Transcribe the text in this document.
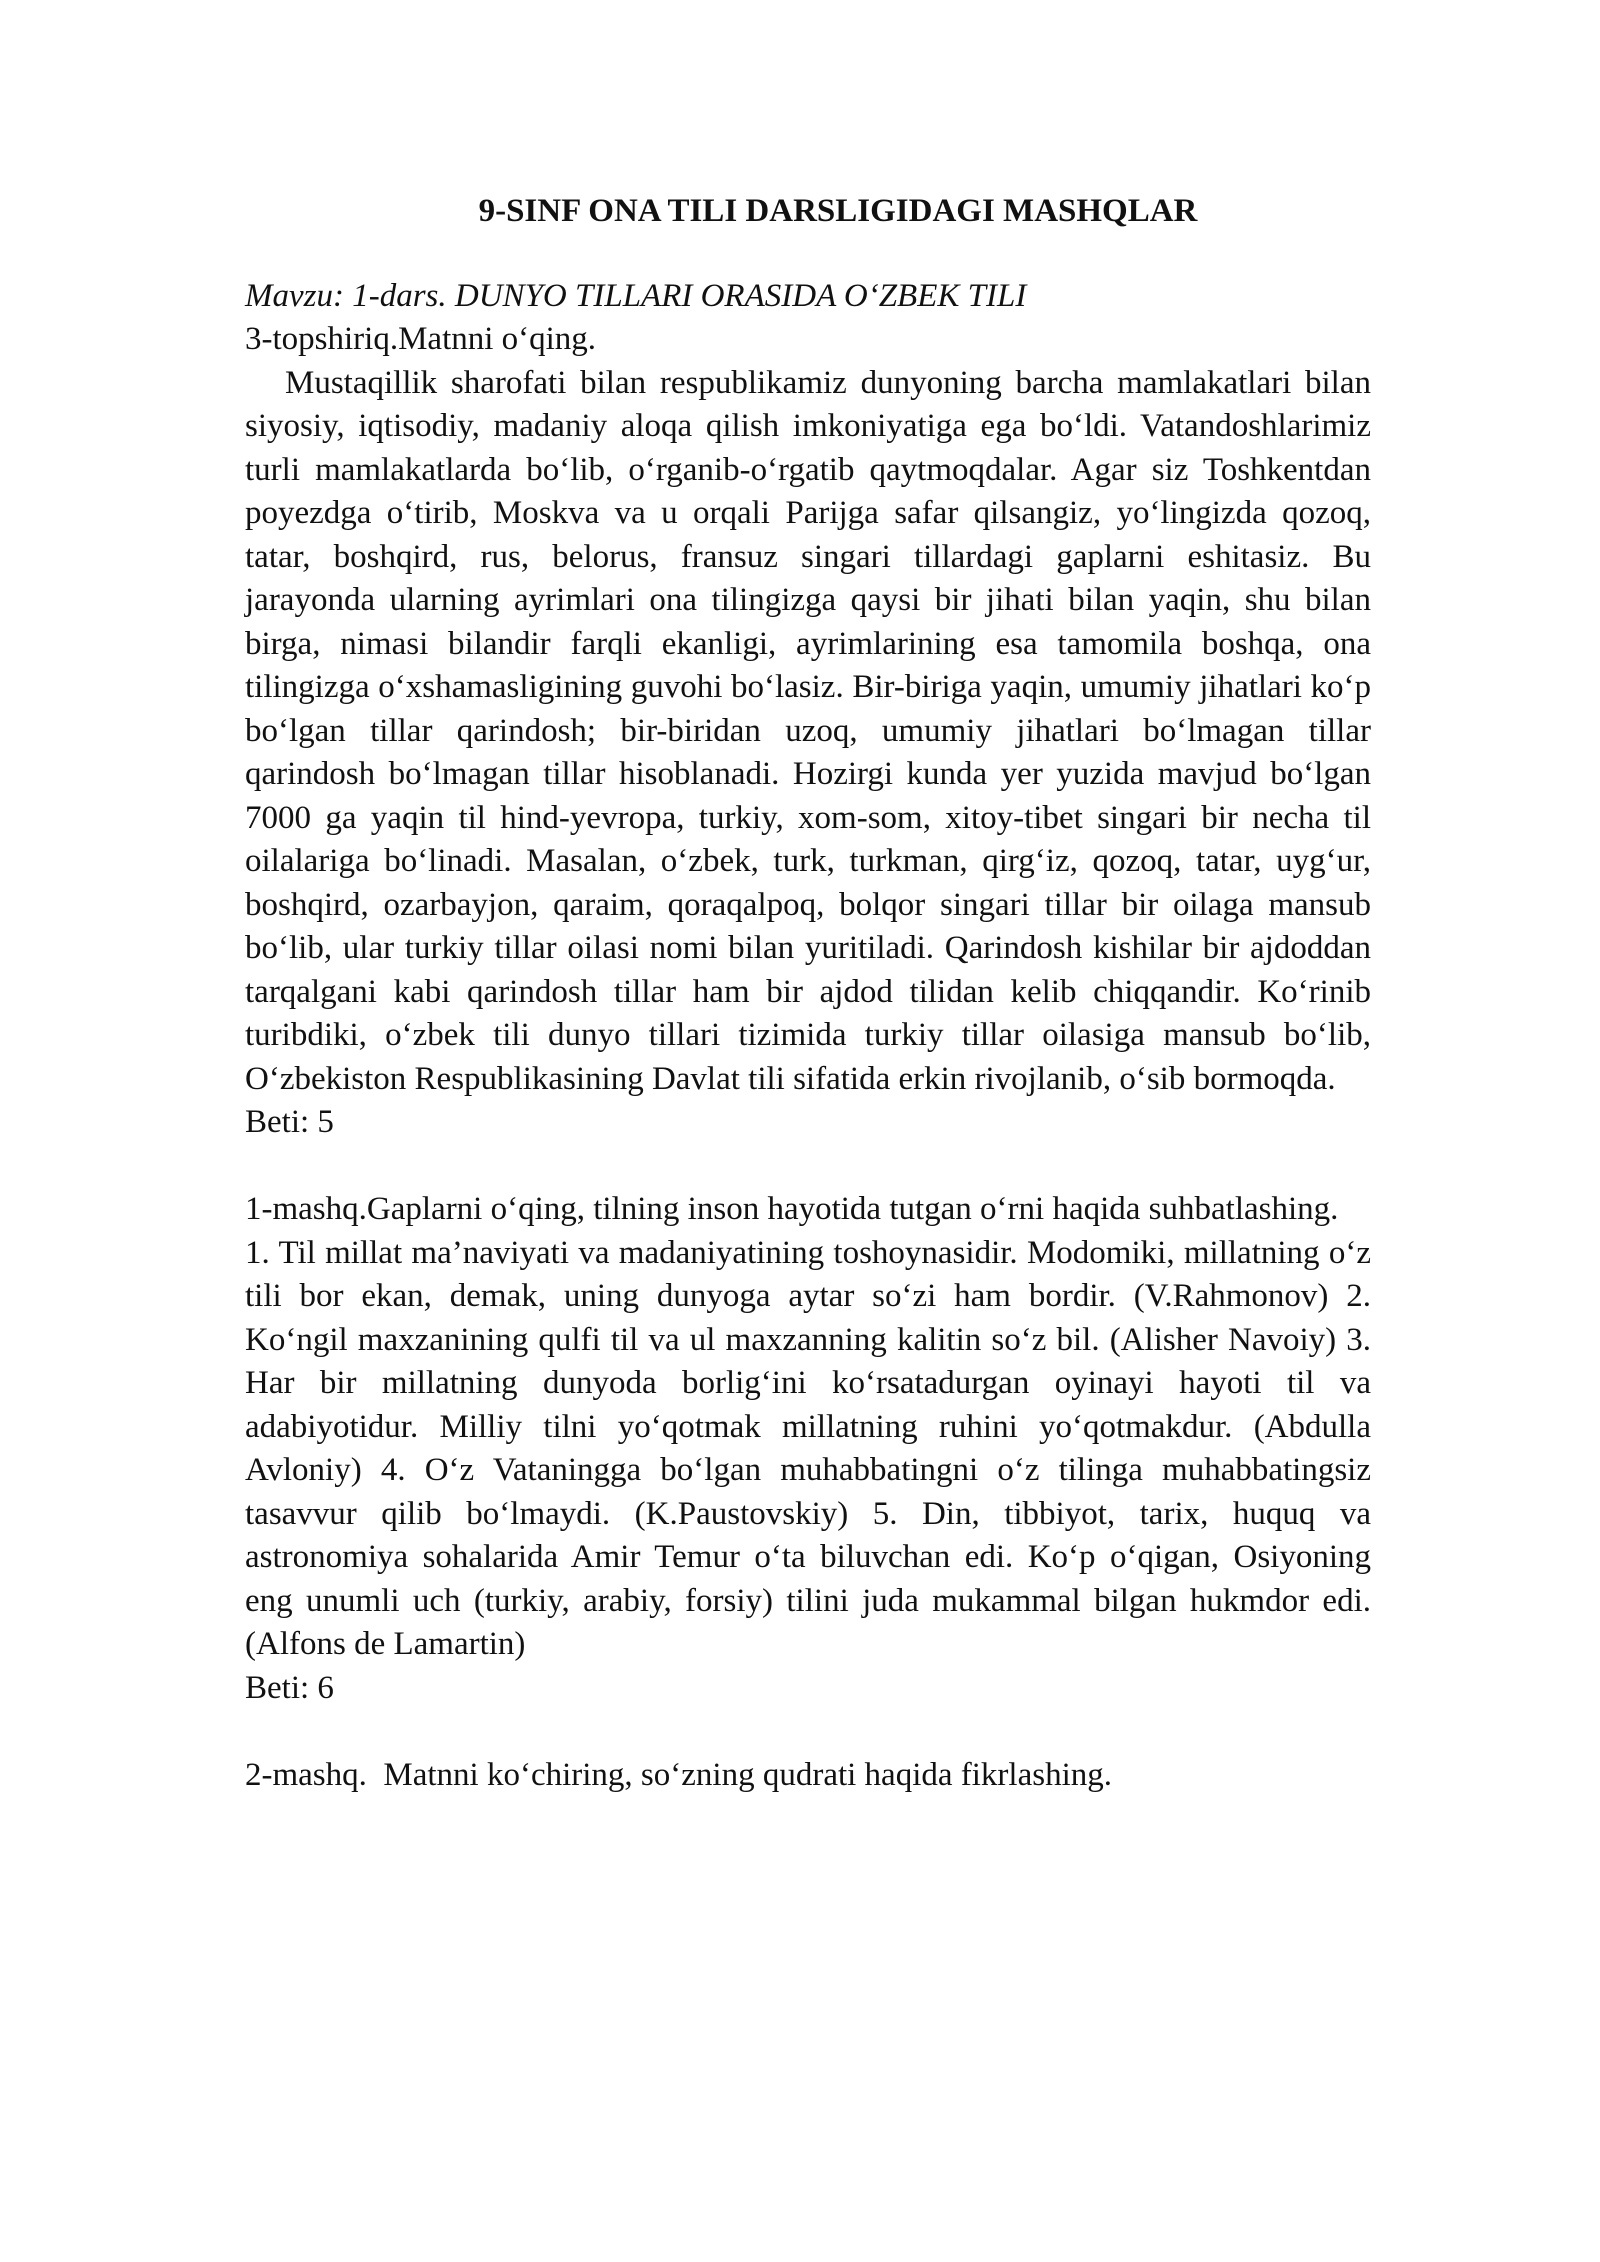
9-SINF ONA TILI DARSLIGIDAGI MASHQLAR
Mavzu: 1-dars. DUNYO TILLARI ORASIDA O‘ZBEK TILI
3-topshiriq.Matnni o‘qing.

Mustaqillik sharofati bilan respublikamiz dunyoning barcha mamlakatlari bilan siyosiy, iqtisodiy, madaniy aloqa qilish imkoniyatiga ega bo‘ldi. Vatandoshlarimiz turli mamlakatlarda bo‘lib, o‘rganib-o‘rgatib qaytmoqdalar. Agar siz Toshkentdan poyezdga o‘tirib, Moskva va u orqali Parijga safar qilsangiz, yo‘lingizda qozoq, tatar, boshqird, rus, belorus, fransuz singari tillardagi gaplarni eshitasiz. Bu jarayonda ularning ayrimlari ona tilingizga qaysi bir jihati bilan yaqin, shu bilan birga, nimasi bilandir farqli ekanligi, ayrimlarining esa tamomila boshqa, ona tilingizga o‘xshamasligining guvohi bo‘lasiz. Bir-biriga yaqin, umumiy jihatlari ko‘p bo‘lgan tillar qarindosh; bir-biridan uzoq, umumiy jihatlari bo‘lmagan tillar qarindosh bo‘lmagan tillar hisoblanadi. Hozirgi kunda yer yuzida mavjud bo‘lgan 7000 ga yaqin til hind-yevropa, turkiy, xom-som, xitoy-tibet singari bir necha til oilalariga bo‘linadi. Masalan, o‘zbek, turk, turkman, qirg‘iz, qozoq, tatar, uyg‘ur, boshqird, ozarbayjon, qaraim, qoraqalpoq, bolqor singari tillar bir oilaga mansub bo‘lib, ular turkiy tillar oilasi nomi bilan yuritiladi. Qarindosh kishilar bir ajdoddan tarqalgani kabi qarindosh tillar ham bir ajdod tilidan kelib chiqqandir. Ko‘rinib turibdiki, o‘zbek tili dunyo tillari tizimida turkiy tillar oilasiga mansub bo‘lib, O‘zbekiston Respublikasining Davlat tili sifatida erkin rivojlanib, o‘sib bormoqda.

Beti: 5

1-mashq.Gaplarni o‘qing, tilning inson hayotida tutgan o‘rni haqida suhbatlashing.

1. Til millat ma’naviyati va madaniyatining toshoynasidir. Modomiki, millatning o‘z tili bor ekan, demak, uning dunyoga aytar so‘zi ham bordir. (V.Rahmonov) 2. Ko‘ngil maxzanining qulfi til va ul maxzanning kalitin so‘z bil. (Alisher Navoiy) 3. Har bir millatning dunyoda borlig‘ini ko‘rsatadurgan oyinayi hayoti til va adabiyotidur. Milliy tilni yo‘qotmak millatning ruhini yo‘qotmakdur. (Abdulla Avloniy) 4. O‘z Vataningga bo‘lgan muhabbatingni o‘z tilinga muhabbatingsiz tasavvur qilib bo‘lmaydi. (K.Paustovskiy) 5. Din, tibbiyot, tarix, huquq va astronomiya sohalarida Amir Temur o‘ta biluvchan edi. Ko‘p o‘qigan, Osiyoning eng unumli uch (turkiy, arabiy, forsiy) tilini juda mukammal bilgan hukmdor edi. (Alfons de Lamartin)

Beti: 6
2-mashq.  Matnni ko‘chiring, so‘zning qudrati haqida fikrlashing.
